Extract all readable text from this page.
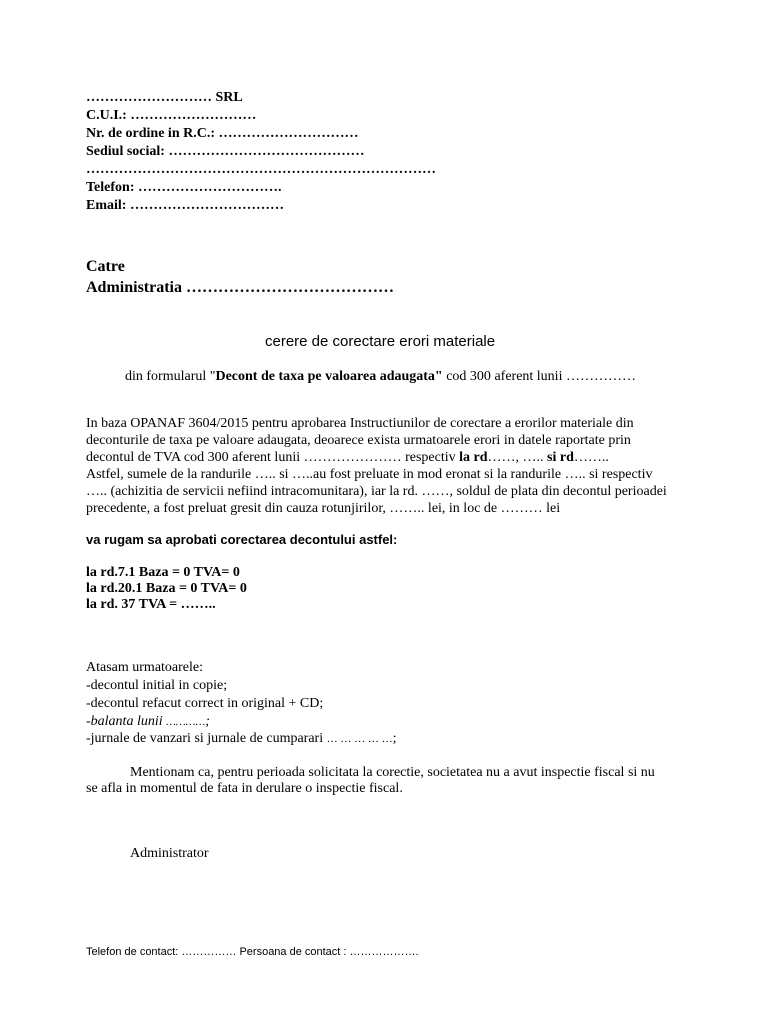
……………………… SRL
C.U.I.: ………………………
Nr. de ordine in R.C.: …………………………
Sediul social: ……………………………………
…………………………………………………………………
Telefon: ………………………….
Email: ……………………………
Catre
Administratia …………………………………
cerere de corectare erori materiale
din formularul "Decont de taxa pe valoarea adaugata" cod 300 aferent lunii ……………
In baza OPANAF 3604/2015 pentru aprobarea Instructiunilor de corectare a erorilor materiale din
deconturile de taxa pe valoare adaugata, deoarece exista urmatoarele erori in datele raportate prin
decontul de TVA cod 300 aferent lunii ………………… respectiv la rd……, ….. si rd……..
Astfel, sumele de la randurile ….. si …..au fost preluate in mod eronat si la randurile ….. si respectiv
….. (achizitia de servicii nefiind intracomunitara), iar la rd. ……, soldul de plata din decontul perioadei
precedente, a fost preluat gresit din cauza rotunjirilor, …….. lei, in loc de ……… lei
va rugam sa aprobati corectarea decontului astfel:
la rd.7.1 Baza = 0 TVA= 0
la rd.20.1 Baza = 0 TVA= 0
la rd. 37 TVA = ……..
Atasam urmatoarele:
-decontul initial in copie;
-decontul refacut correct in original + CD;
-balanta lunii …………;
-jurnale de vanzari si jurnale de cumparari … … … … …;
Mentionam ca, pentru perioada solicitata la corectie, societatea nu a avut inspectie fiscal si nu
se afla in momentul de fata in derulare o inspectie fiscal.
Administrator
Telefon de contact: …………… Persoana de contact : ……………….
